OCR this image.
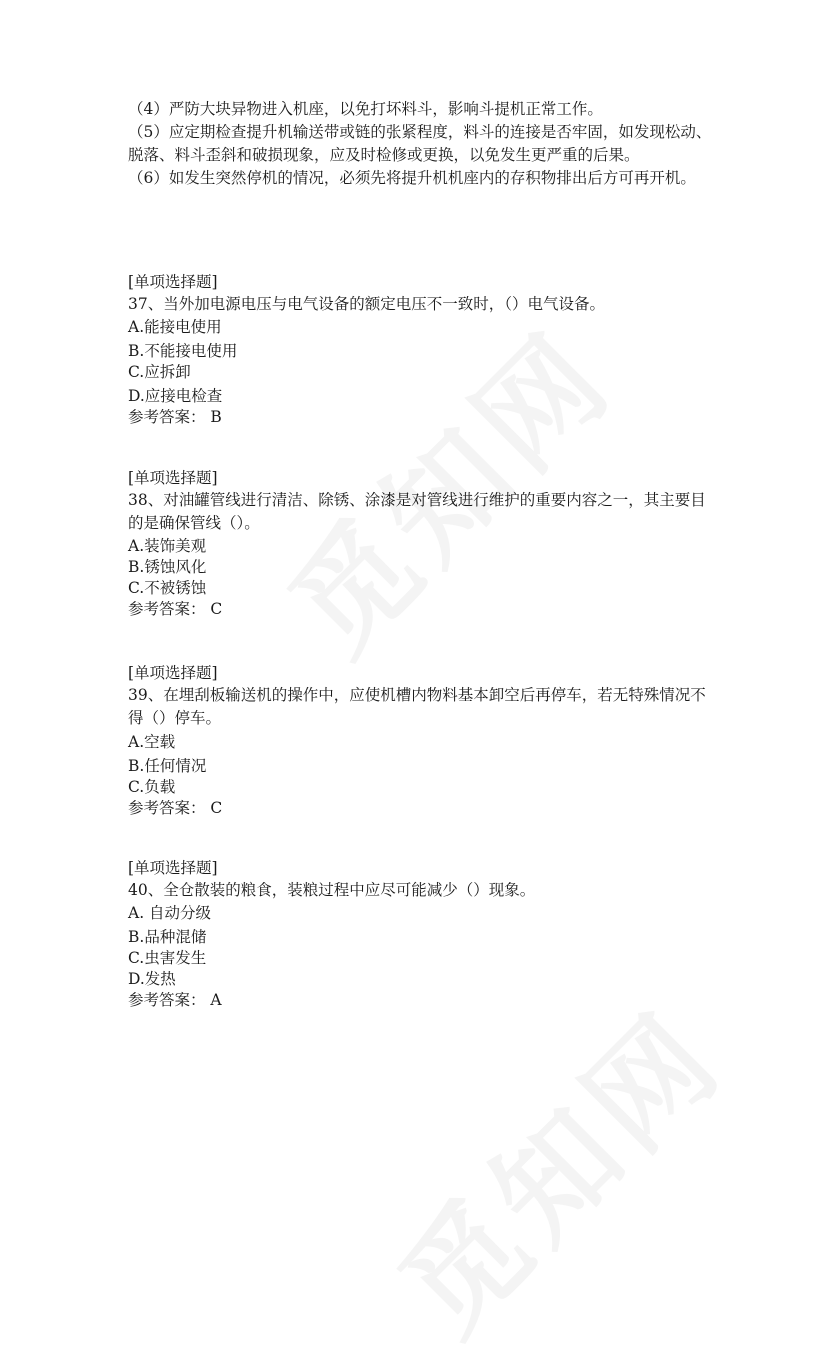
（4）严防大块异物进入机座，以免打坏料斗，影响斗提机正常工作。

（5）应定期检查提升机输送带或链的张紧程度，料斗的连接是否牢固，如发现松动、脱落、料斗歪斜和破损现象，应及时检修或更换，以免发生更严重的后果。

（6）如发生突然停机的情况，必须先将提升机机座内的存积物排出后方可再开机。

[单项选择题]
37、当外加电源电压与电气设备的额定电压不一致时，（）电气设备。
A.能接电使用
B.不能接电使用
C.应拆卸
D.应接电检查
参考答案： B
[单项选择题]
38、对油罐管线进行清洁、除锈、涂漆是对管线进行维护的重要内容之一，其主要目的是确保管线（）。
A.装饰美观
B.锈蚀风化
C.不被锈蚀
参考答案： C
[单项选择题]
39、在埋刮板输送机的操作中，应使机槽内物料基本卸空后再停车，若无特殊情况不得（）停车。
A.空载
B.任何情况
C.负载
参考答案： C
[单项选择题]
40、全仓散装的粮食，装粮过程中应尽可能减少（）现象。
A. 自动分级
B.品种混储
C.虫害发生
D.发热
参考答案： A
